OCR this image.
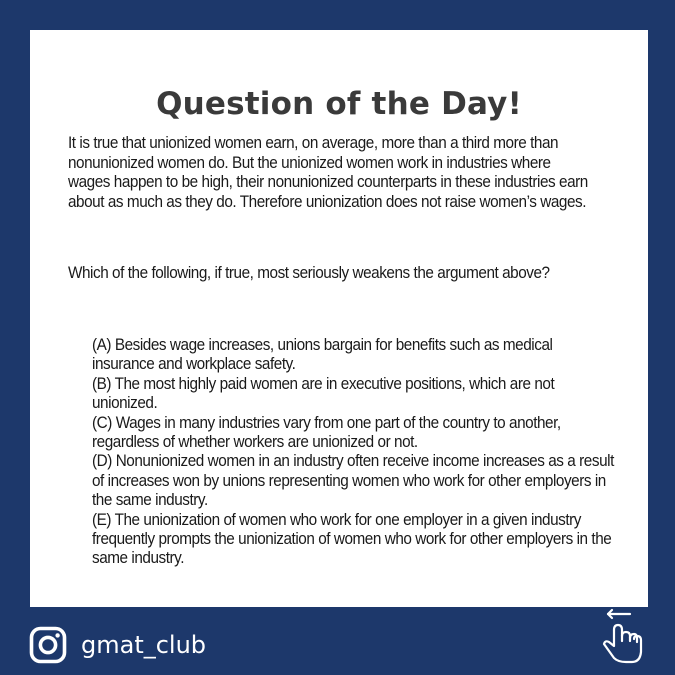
Question of the Day!

It is true that unionized women earn, on average, more than a third more than nonunionized women do. But the unionized women work in industries where wages happen to be high, their nonunionized counterparts in these industries earn about as much as they do. Therefore unionization does not raise women’s wages.

Which of the following, if true, most seriously weakens the argument above?

(A) Besides wage increases, unions bargain for benefits such as medical insurance and workplace safety.
(B) The most highly paid women are in executive positions, which are not unionized.
(C) Wages in many industries vary from one part of the country to another, regardless of whether workers are unionized or not.
(D) Nonunionized women in an industry often receive income increases as a result of increases won by unions representing women who work for other employers in the same industry.
(E) The unionization of women who work for one employer in a given industry frequently prompts the unionization of women who work for other employers in the same industry.
gmat_club
